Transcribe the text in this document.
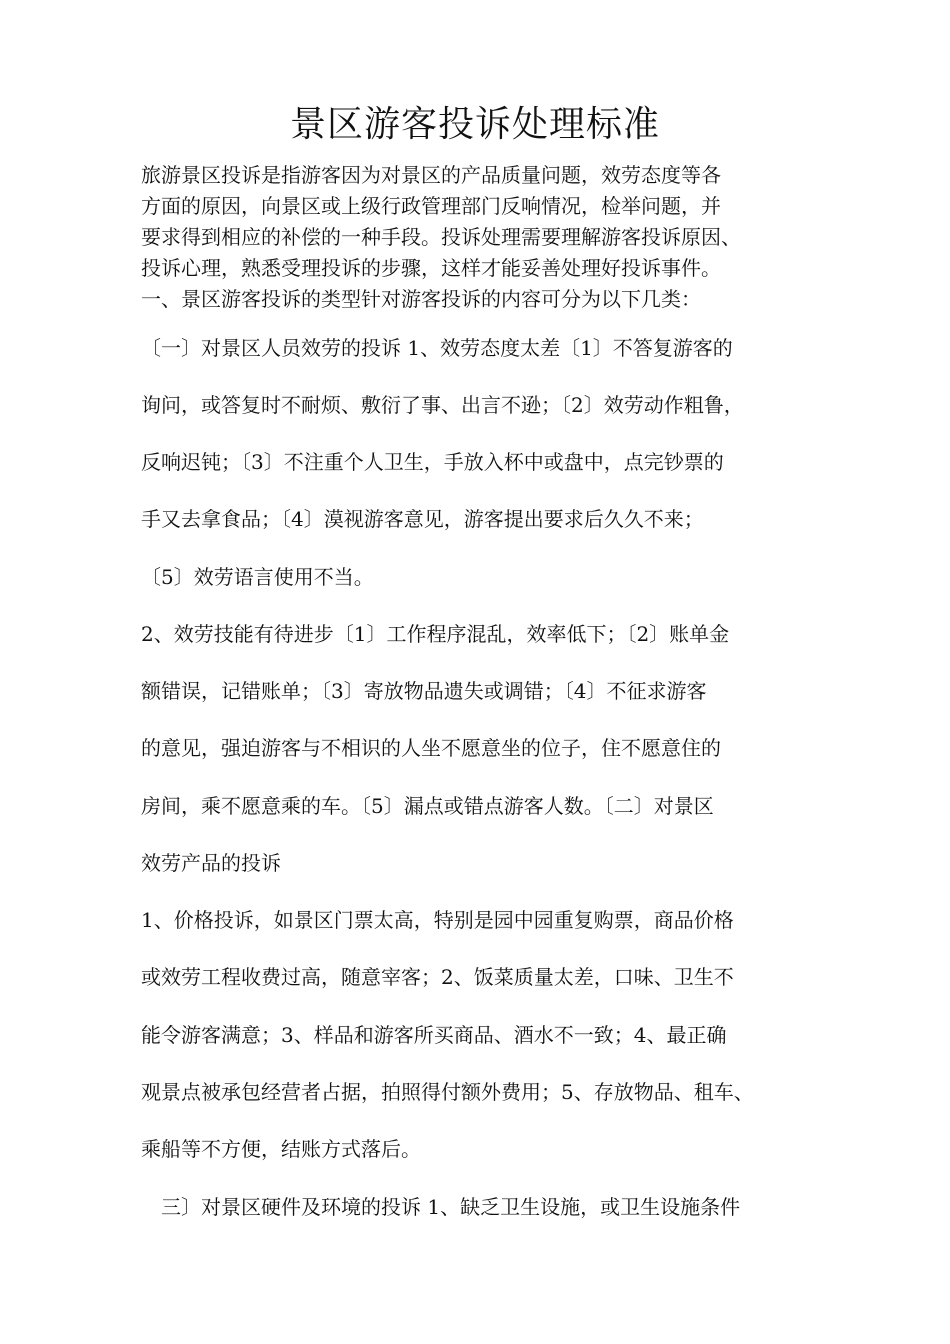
景区游客投诉处理标准

旅游景区投诉是指游客因为对景区的产品质量问题，效劳态度等各

方面的原因，向景区或上级行政管理部门反响情况，检举问题，并

要求得到相应的补偿的一种手段。投诉处理需要理解游客投诉原因、

投诉心理，熟悉受理投诉的步骤，这样才能妥善处理好投诉事件。

一、景区游客投诉的类型针对游客投诉的内容可分为以下几类：

〔一〕对景区人员效劳的投诉 1、效劳态度太差〔1〕不答复游客的

询问，或答复时不耐烦、敷衍了事、出言不逊；〔2〕效劳动作粗鲁，

反响迟钝；〔3〕不注重个人卫生，手放入杯中或盘中，点完钞票的

手又去拿食品；〔4〕漠视游客意见，游客提出要求后久久不来；

〔5〕效劳语言使用不当。

2、效劳技能有待进步〔1〕工作程序混乱，效率低下；〔2〕账单金

额错误，记错账单；〔3〕寄放物品遗失或调错；〔4〕不征求游客

的意见，强迫游客与不相识的人坐不愿意坐的位子，住不愿意住的

房间，乘不愿意乘的车。〔5〕漏点或错点游客人数。〔二〕对景区

效劳产品的投诉

1、价格投诉，如景区门票太高，特别是园中园重复购票，商品价格

或效劳工程收费过高，随意宰客；2、饭菜质量太差，口味、卫生不

能令游客满意；3、样品和游客所买商品、酒水不一致；4、最正确

观景点被承包经营者占据，拍照得付额外费用；5、存放物品、租车、

乘船等不方便，结账方式落后。

三〕对景区硬件及环境的投诉 1、缺乏卫生设施，或卫生设施条件
